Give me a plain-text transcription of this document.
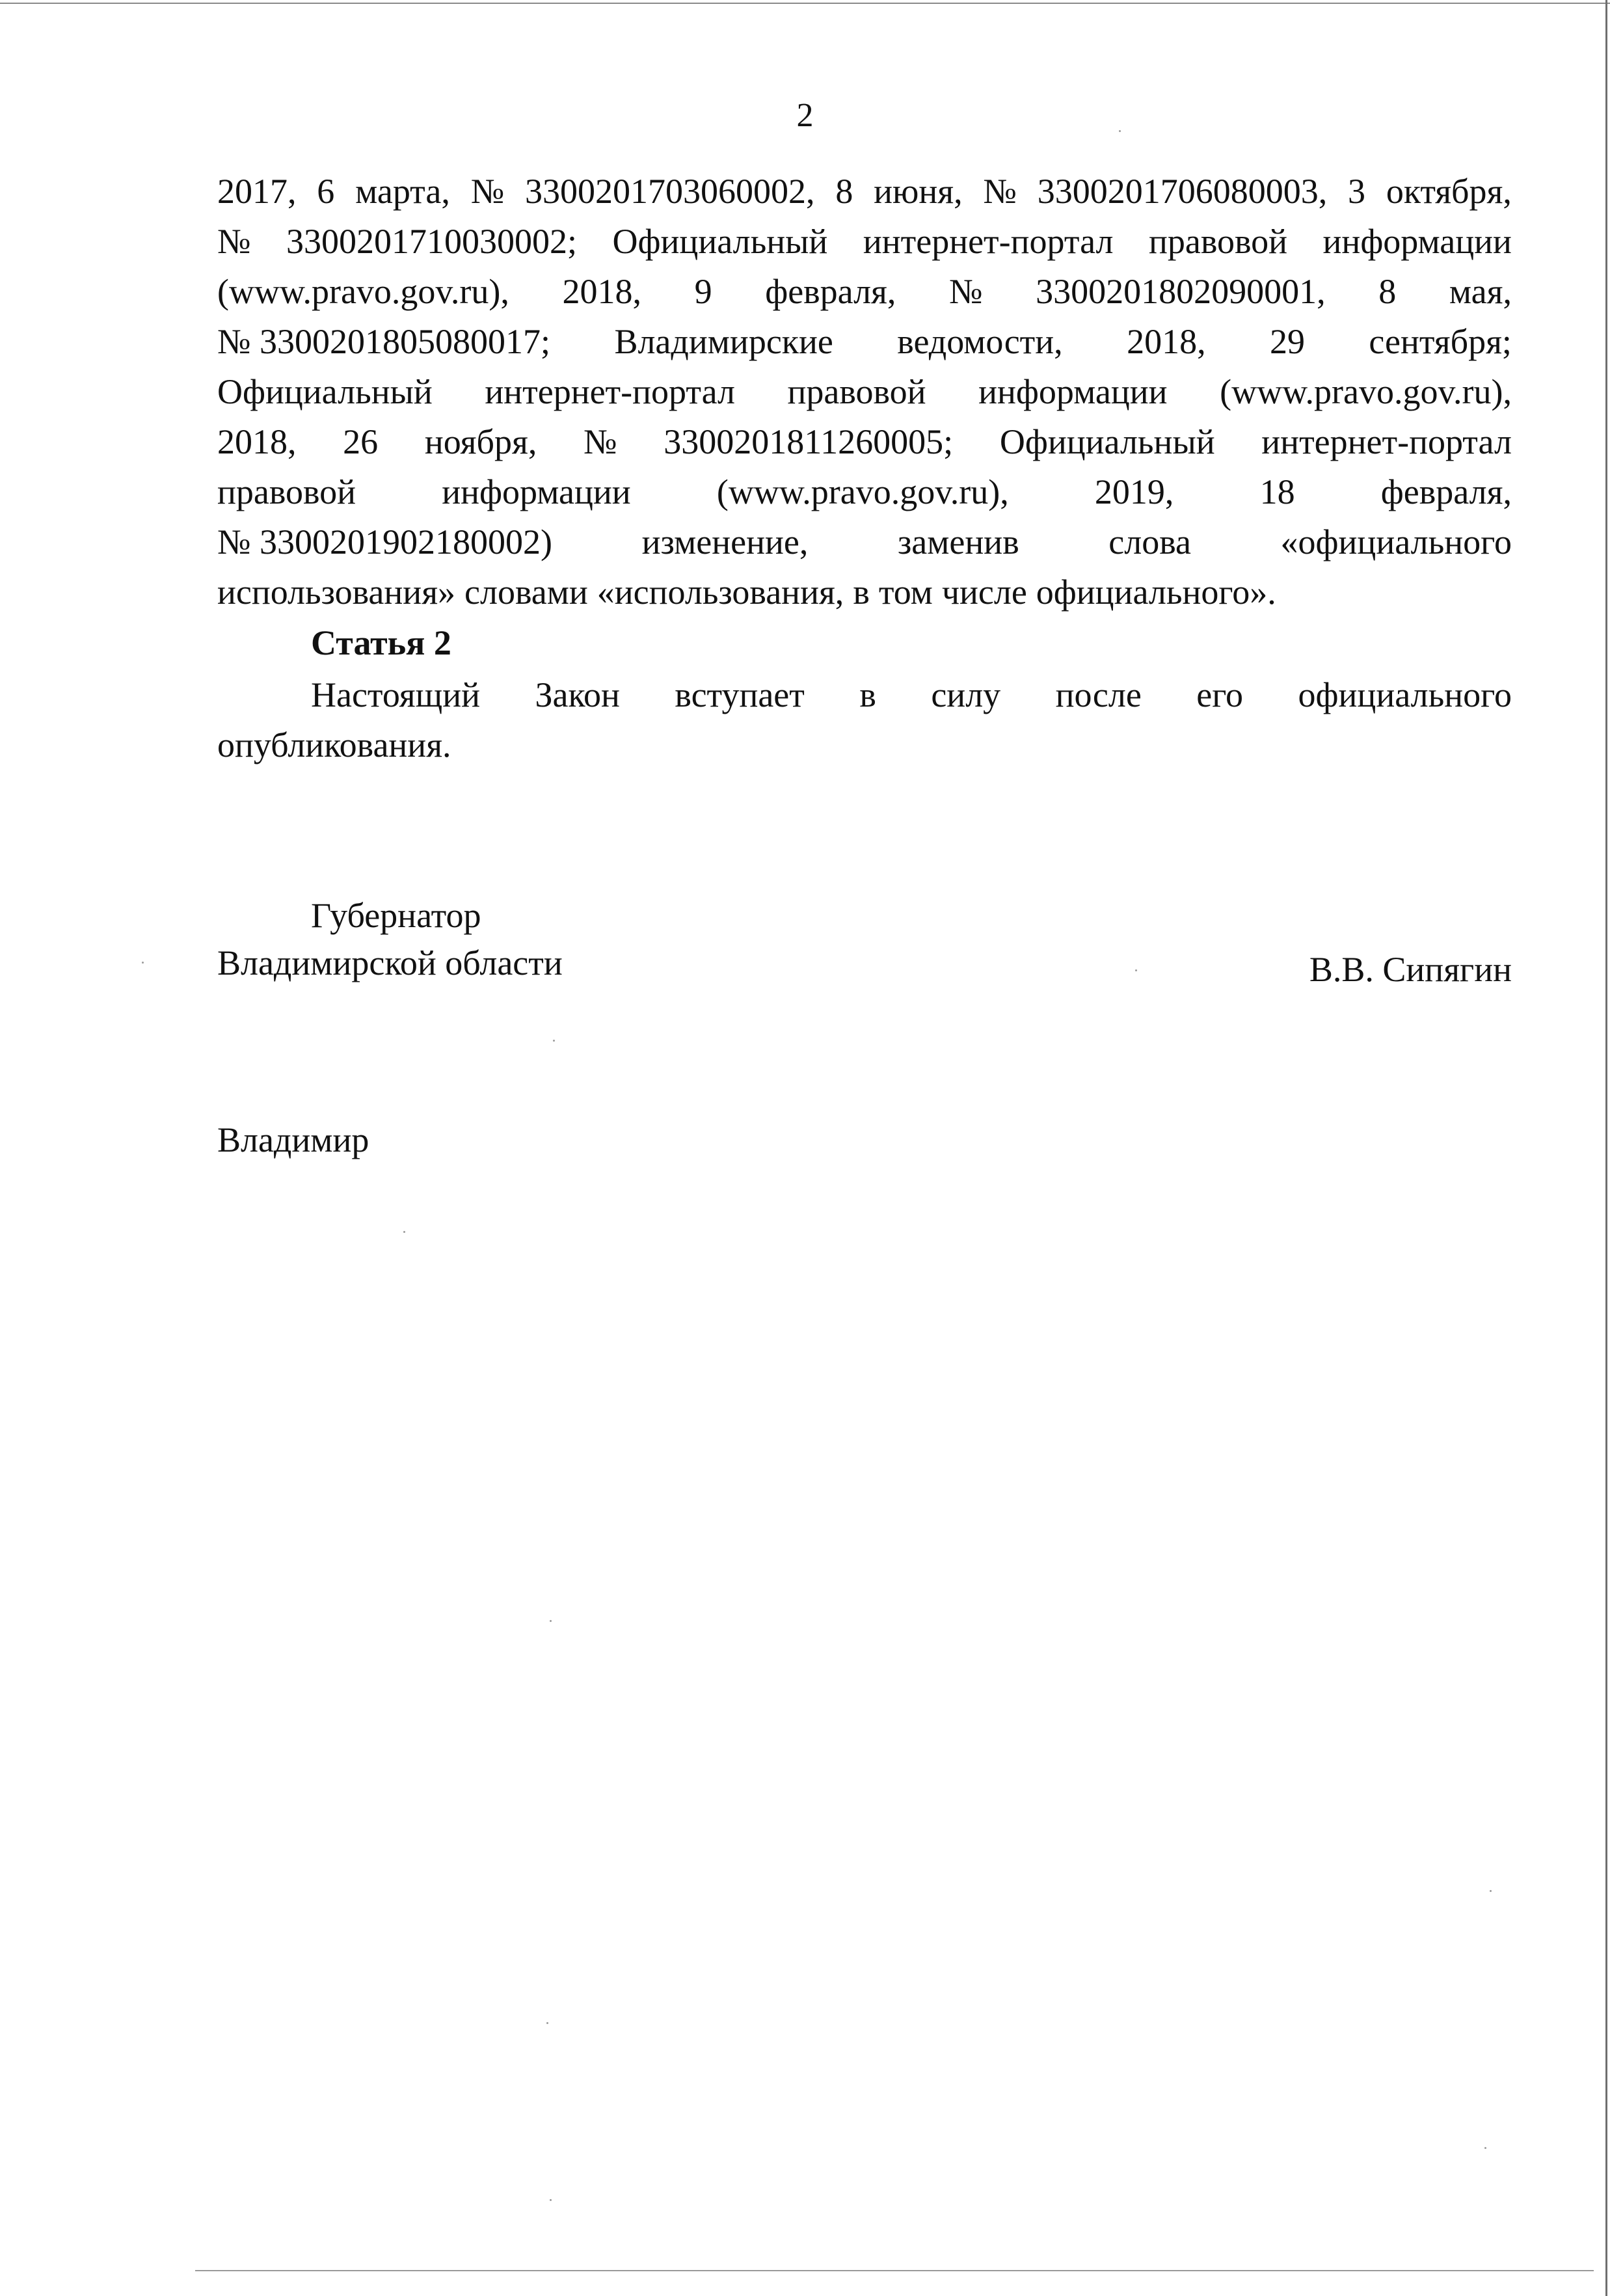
2
2017, 6 марта, № 3300201703060002, 8 июня, № 3300201706080003, 3 октября,
№ 3300201710030002; Официальный интернет-портал правовой информации
(www.pravo.gov.ru), 2018, 9 февраля, № 3300201802090001, 8 мая,
№ 3300201805080017; Владимирские ведомости, 2018, 29 сентября;
Официальный интернет-портал правовой информации (www.pravo.gov.ru),
2018, 26 ноября, № 3300201811260005; Официальный интернет-портал
правовой информации (www.pravo.gov.ru), 2019, 18 февраля,
№ 3300201902180002)	изменение,	заменив	слова	«официального
использования» словами «использования, в том числе официального».
Статья 2
Настоящий Закон вступает в силу после его официального
опубликования.
Губернатор
Владимирской области	В.В. Сипягин
Владимир
